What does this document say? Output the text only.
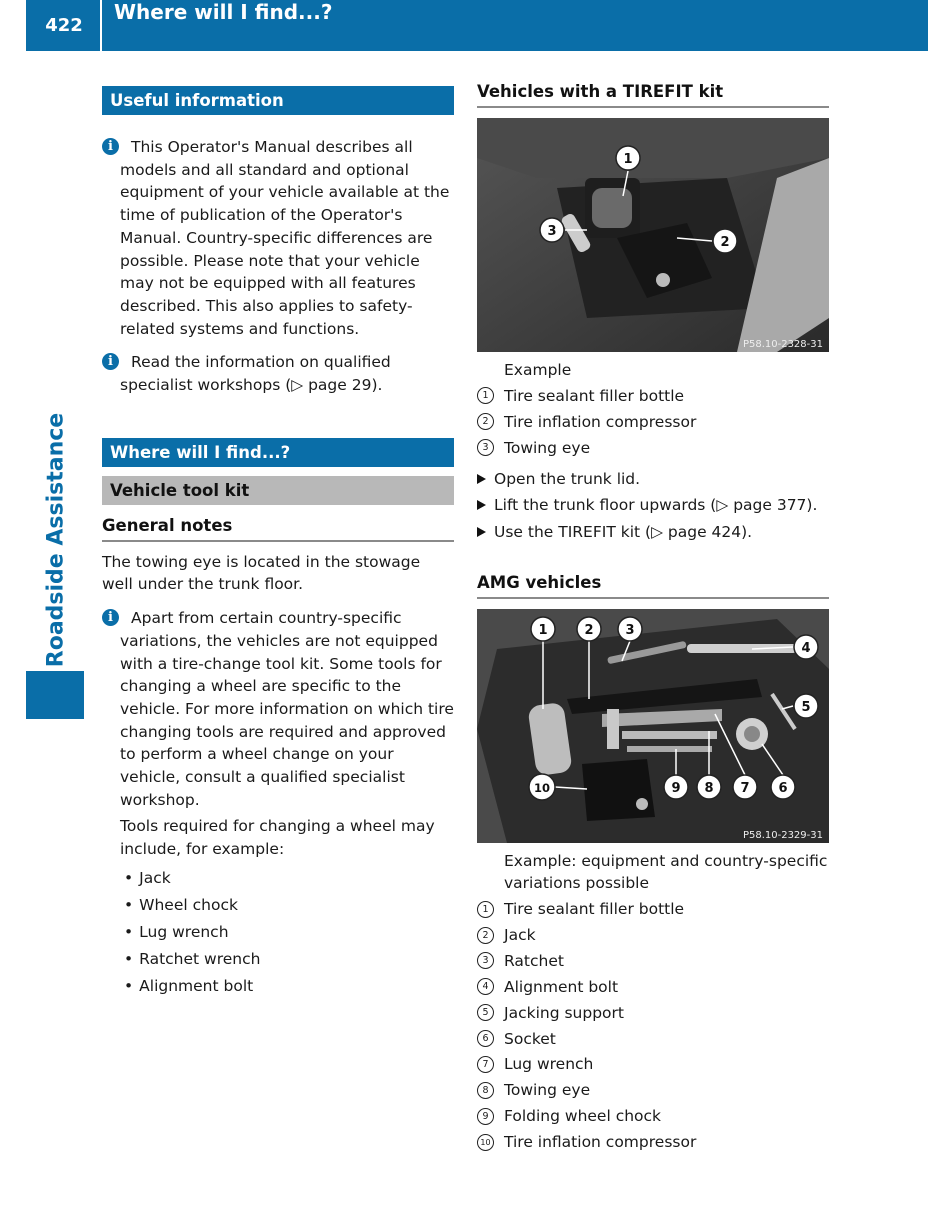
422
Where will I find...?
Roadside Assistance
Useful information
i	This Operator's Manual describes all models and all standard and optional equipment of your vehicle available at the time of publication of the Operator's Manual. Country-specific differences are possible. Please note that your vehicle may not be equipped with all features described. This also applies to safety-related systems and functions.
i	Read the information on qualified specialist workshops (▷ page 29).
Where will I find...?
Vehicle tool kit
General notes
The towing eye is located in the stowage well under the trunk floor.
i	Apart from certain country-specific variations, the vehicles are not equipped with a tire-change tool kit. Some tools for changing a wheel are specific to the vehicle. For more information on which tire changing tools are required and approved to perform a wheel change on your vehicle, consult a qualified specialist workshop.
Tools required for changing a wheel may include, for example:
• Jack
• Wheel chock
• Lug wrench
• Ratchet wrench
• Alignment bolt
Vehicles with a TIREFIT kit
1
2
3
P58.10-2328-31
Example
1 Tire sealant filler bottle
2 Tire inflation compressor
3 Towing eye
Open the trunk lid.
Lift the trunk floor upwards (▷ page 377).
Use the TIREFIT kit (▷ page 424).
AMG vehicles
1	2 3
4
5
6
7
8
9
10
P58.10-2329-31
Example: equipment and country-specific variations possible
1 Tire sealant filler bottle
2 Jack
3 Ratchet
4 Alignment bolt
5 Jacking support
6 Socket
7 Lug wrench
8 Towing eye
9 Folding wheel chock
10 Tire inflation compressor
